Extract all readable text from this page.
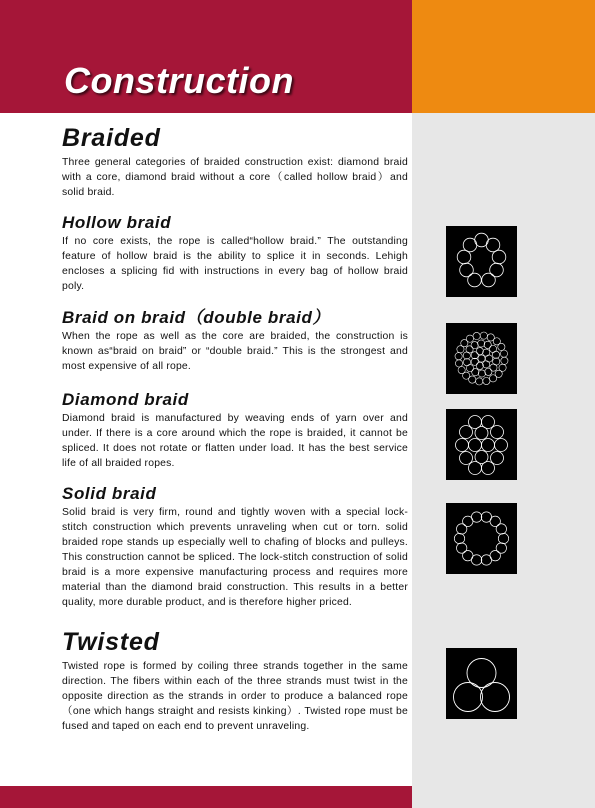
Construction
Braided

Three general categories of braided construction exist: diamond braid with a core, diamond braid without a core（called hollow braid）and solid braid.

Hollow braid

If no core exists, the rope is called“hollow braid.” The outstanding feature of hollow braid is the ability to splice it in seconds. Lehigh encloses a splicing fid with instructions in every bag of hollow braid poly.

Braid on braid（double braid）

When the rope as well as the core are braided, the construction is known as“braid on braid” or “double braid.” This is the strongest and most expensive of all rope.

Diamond braid

Diamond braid is manufactured by weaving ends of yarn over and under. If there is a core around which the rope is braided, it cannot be spliced. It does not rotate or flatten under load. It has the best service life of all braided ropes.

Solid braid

Solid braid is very firm, round and tightly woven with a special lock-stitch construction which prevents unraveling when cut or torn. solid braided rope stands up especially well to chafing of blocks and pulleys. This construction cannot be spliced. The lock-stitch construction of solid braid is a more expensive manufacturing process and requires more material than the diamond braid construction. This results in a better quality, more durable product, and is therefore higher priced.

Twisted

Twisted rope is formed by coiling three strands together in the same direction. The fibers within each of the three strands must twist in the opposite direction as the strands in order to produce a balanced rope（one which hangs straight and resists kinking）. Twisted rope must be fused and taped on each end to prevent unraveling.
